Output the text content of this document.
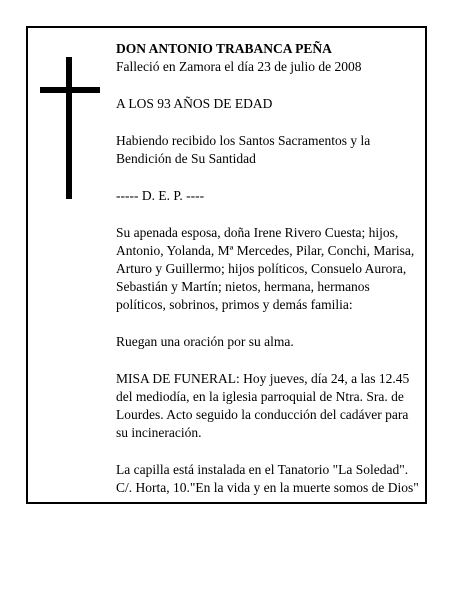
DON ANTONIO TRABANCA PEÑA

Falleció en Zamora el día 23 de julio de 2008

A LOS 93 AÑOS DE EDAD

Habiendo recibido los Santos Sacramentos y la
Bendición de Su Santidad

----- D. E. P. ----

Su apenada esposa, doña Irene Rivero Cuesta; hijos,
Antonio, Yolanda, Mª Mercedes, Pilar, Conchi, Marisa,
Arturo y Guillermo; hijos políticos, Consuelo Aurora,
Sebastián y Martín; nietos, hermana, hermanos
políticos, sobrinos, primos y demás familia:

Ruegan una oración por su alma.

MISA DE FUNERAL: Hoy jueves, día 24, a las 12.45
del mediodía, en la iglesia parroquial de Ntra. Sra. de
Lourdes. Acto seguido la conducción del cadáver para
su incineración.

La capilla está instalada en el Tanatorio "La Soledad".
C/. Horta, 10."En la vida y en la muerte somos de Dios"
